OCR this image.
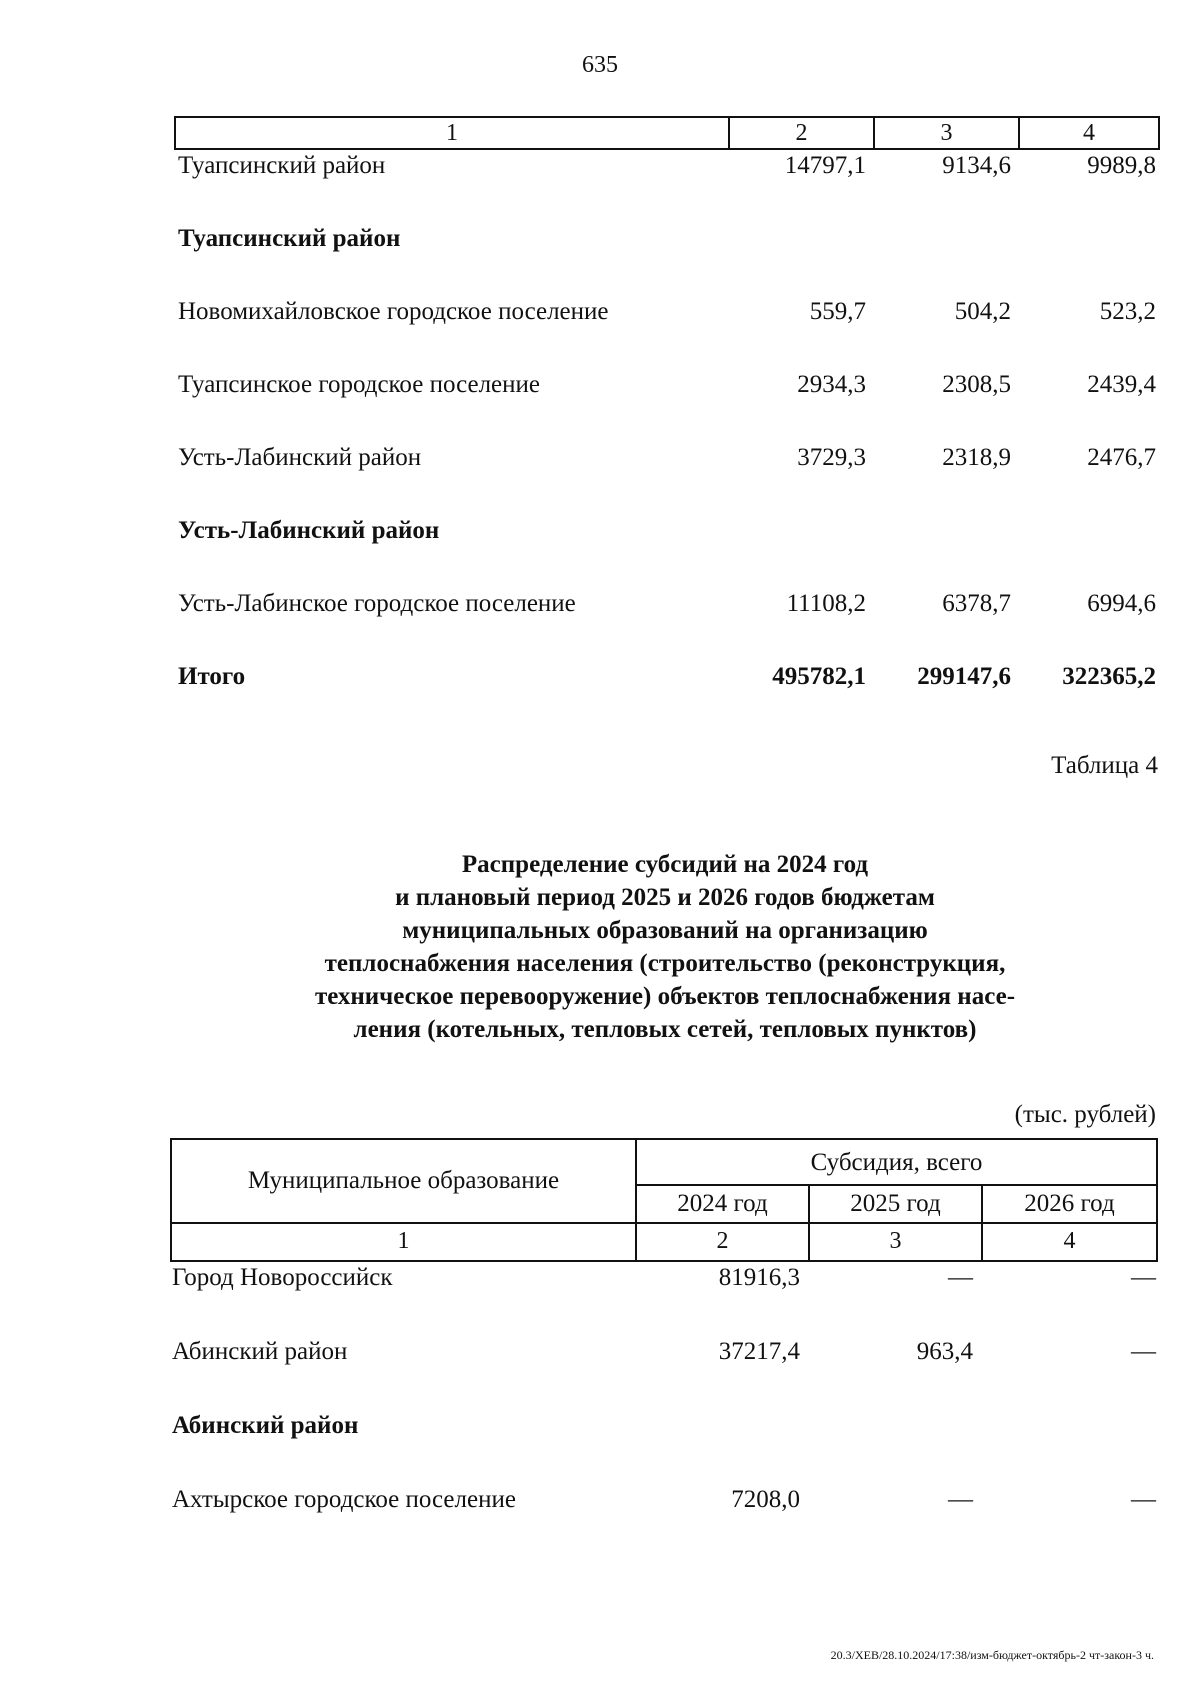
635
1	2	3	4
Туапсинский район	14797,1	9134,6	9989,8
Туапсинский район
Новомихайловское городское поселение	559,7	504,2	523,2
Туапсинское городское поселение	2934,3	2308,5	2439,4
Усть-Лабинский район	3729,3	2318,9	2476,7
Усть-Лабинский район
Усть-Лабинское городское поселение	11108,2	6378,7	6994,6
Итого	495782,1	299147,6	322365,2
Таблица 4
Распределение субсидий на 2024 год
и плановый период 2025 и 2026 годов бюджетам
муниципальных образований на организацию
теплоснабжения населения (строительство (реконструкция,
техническое перевооружение) объектов теплоснабжения насе-
ления (котельных, тепловых сетей, тепловых пунктов)
(тыс. рублей)
Муниципальное образование
Субсидия, всего
2024 год	2025 год	2026 год
1	2	3	4
Город Новороссийск	81916,3	—	—
Абинский район	37217,4	963,4	—
Абинский район
Ахтырское городское поселение	7208,0	—	—
20.3/ХЕВ/28.10.2024/17:38/изм-бюджет-октябрь-2 чт-закон-3 ч.
